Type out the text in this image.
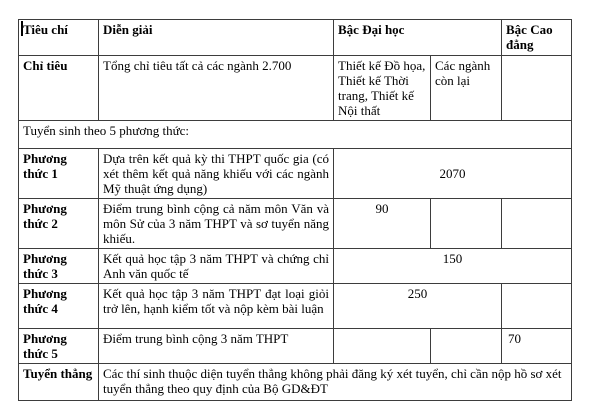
Tiêu chí	Diễn giải	Bậc Đại học		Bậc Cao đẳng
Chỉ tiêu	Tổng chỉ tiêu tất cả các ngành 2.700	Thiết kế Đồ họa, Thiết kế Thời trang, Thiết kế Nội thất	Các ngành còn lại	
Tuyển sinh theo 5 phương thức:				
Phương thức 1	Dựa trên kết quả kỳ thi THPT quốc gia (có xét thêm kết quả năng khiếu với các ngành Mỹ thuật ứng dụng)	2070		
Phương thức 2	Điểm trung bình cộng cả năm môn Văn và môn Sử của 3 năm THPT và sơ tuyển năng khiếu.	90		
Phương thức 3	Kết quả học tập 3 năm THPT và chứng chỉ Anh văn quốc tế	150		
Phương thức 4	Kết quả học tập 3 năm THPT đạt loại giỏi trở lên, hạnh kiểm tốt và nộp kèm bài luận	250		
Phương thức 5	Điểm trung bình cộng 3 năm THPT			70
Tuyển thẳng	Các thí sinh thuộc diện tuyển thẳng không phải đăng ký xét tuyển, chỉ cần nộp hồ sơ xét tuyển thẳng theo quy định của Bộ GD&ĐT			
